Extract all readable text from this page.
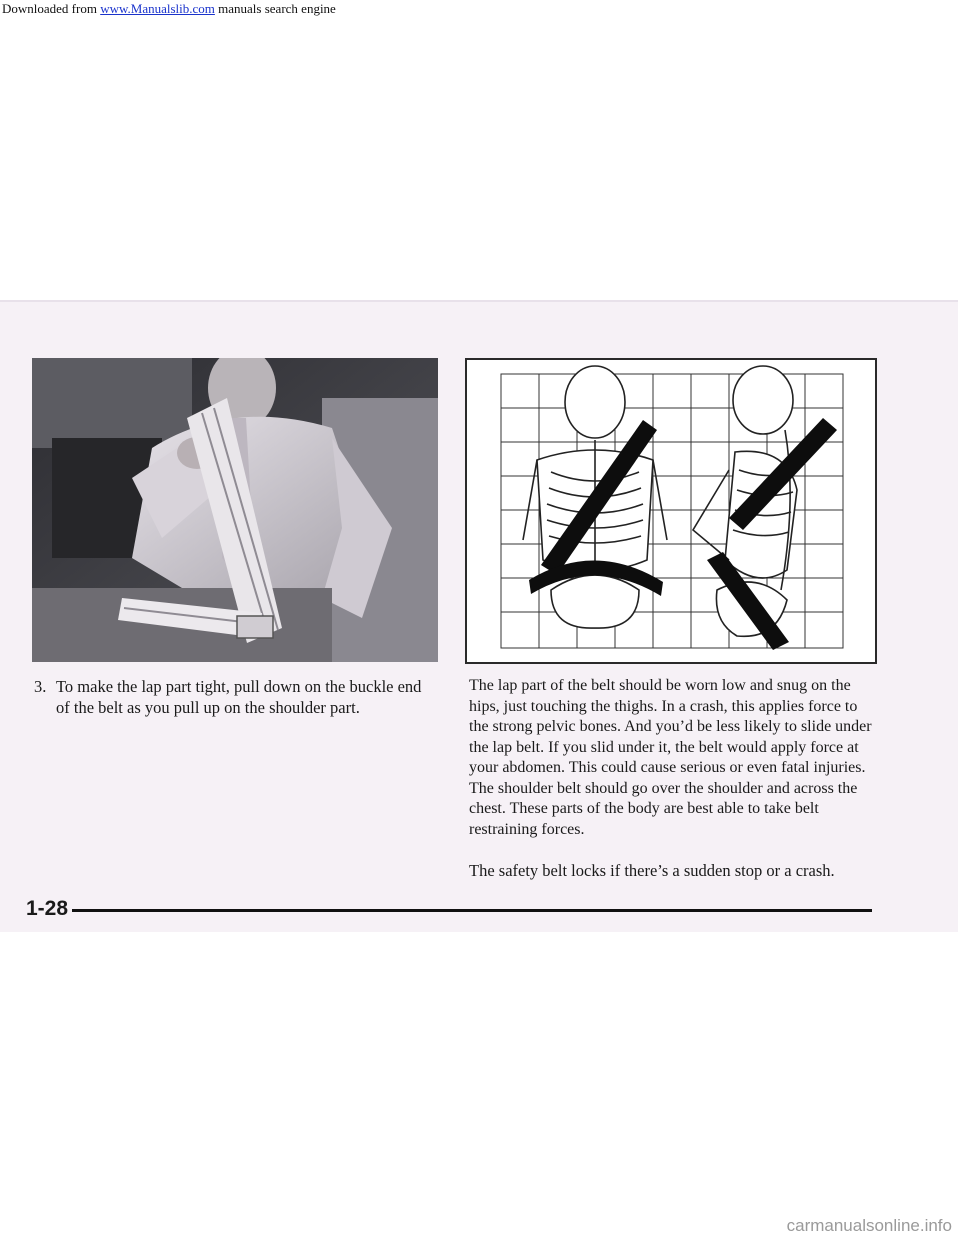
Downloaded from www.Manualslib.com manuals search engine
3. To make the lap part tight, pull down on the buckle end of the belt as you pull up on the shoulder part.
The lap part of the belt should be worn low and snug on the hips, just touching the thighs. In a crash, this applies force to the strong pelvic bones. And you’d be less likely to slide under the lap belt. If you slid under it, the belt would apply force at your abdomen. This could cause serious or even fatal injuries. The shoulder belt should go over the shoulder and across the chest. These parts of the body are best able to take belt restraining forces.
The safety belt locks if there’s a sudden stop or a crash.
1-28
carmanualsonline.info
